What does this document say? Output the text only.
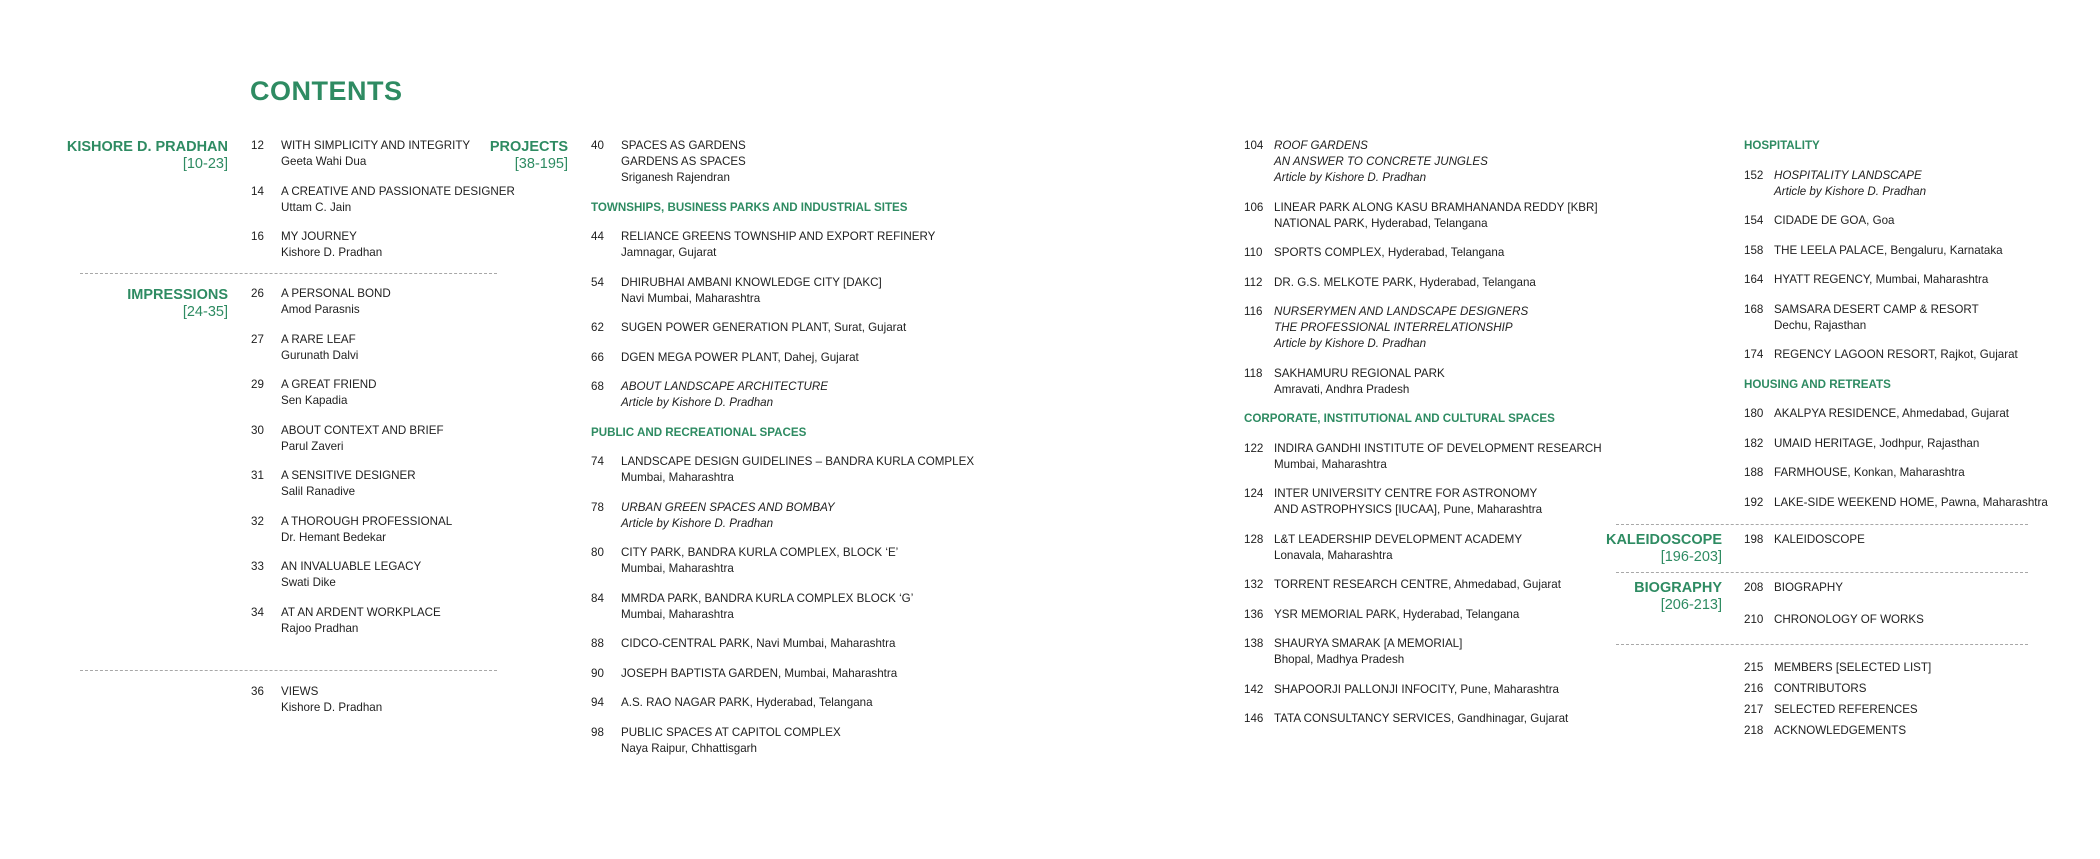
CONTENTS
KISHORE D. PRADHAN
[10-23]
IMPRESSIONS
[24-35]
PROJECTS
[38-195]
KALEIDOSCOPE
[196-203]
BIOGRAPHY
[206-213]
12 WITH SIMPLICITY AND INTEGRITY
Geeta Wahi Dua
14 A CREATIVE AND PASSIONATE DESIGNER
Uttam C. Jain
16 MY JOURNEY
Kishore D. Pradhan
26 A PERSONAL BOND
Amod Parasnis
27 A RARE LEAF
Gurunath Dalvi
29 A GREAT FRIEND
Sen Kapadia
30 ABOUT CONTEXT AND BRIEF
Parul Zaveri
31 A SENSITIVE DESIGNER
Salil Ranadive
32 A THOROUGH PROFESSIONAL
Dr. Hemant Bedekar
33 AN INVALUABLE LEGACY
Swati Dike
34 AT AN ARDENT WORKPLACE
Rajoo Pradhan
36 VIEWS
Kishore D. Pradhan
40 SPACES AS GARDENS
GARDENS AS SPACES
Sriganesh Rajendran
TOWNSHIPS, BUSINESS PARKS AND INDUSTRIAL SITES
44 RELIANCE GREENS TOWNSHIP AND EXPORT REFINERY
Jamnagar, Gujarat
54 DHIRUBHAI AMBANI KNOWLEDGE CITY [DAKC]
Navi Mumbai, Maharashtra
62 SUGEN POWER GENERATION PLANT, Surat, Gujarat
66 DGEN MEGA POWER PLANT, Dahej, Gujarat
68 ABOUT LANDSCAPE ARCHITECTURE
Article by Kishore D. Pradhan
PUBLIC AND RECREATIONAL SPACES
74 LANDSCAPE DESIGN GUIDELINES – BANDRA KURLA COMPLEX
Mumbai, Maharashtra
78 URBAN GREEN SPACES AND BOMBAY
Article by Kishore D. Pradhan
80 CITY PARK, BANDRA KURLA COMPLEX, BLOCK ‘E’
Mumbai, Maharashtra
84 MMRDA PARK, BANDRA KURLA COMPLEX BLOCK ‘G’
Mumbai, Maharashtra
88 CIDCO-CENTRAL PARK, Navi Mumbai, Maharashtra
90 JOSEPH BAPTISTA GARDEN, Mumbai, Maharashtra
94 A.S. RAO NAGAR PARK, Hyderabad, Telangana
98 PUBLIC SPACES AT CAPITOL COMPLEX
Naya Raipur, Chhattisgarh
104 ROOF GARDENS
AN ANSWER TO CONCRETE JUNGLES
Article by Kishore D. Pradhan
106 LINEAR PARK ALONG KASU BRAMHANANDA REDDY [KBR]
NATIONAL PARK, Hyderabad, Telangana
110 SPORTS COMPLEX, Hyderabad, Telangana
112 DR. G.S. MELKOTE PARK, Hyderabad, Telangana
116 NURSERYMEN AND LANDSCAPE DESIGNERS
THE PROFESSIONAL INTERRELATIONSHIP
Article by Kishore D. Pradhan
118 SAKHAMURU REGIONAL PARK
Amravati, Andhra Pradesh
CORPORATE, INSTITUTIONAL AND CULTURAL SPACES
122 INDIRA GANDHI INSTITUTE OF DEVELOPMENT RESEARCH
Mumbai, Maharashtra
124 INTER UNIVERSITY CENTRE FOR ASTRONOMY
AND ASTROPHYSICS [IUCAA], Pune, Maharashtra
128 L&T LEADERSHIP DEVELOPMENT ACADEMY
Lonavala, Maharashtra
132 TORRENT RESEARCH CENTRE, Ahmedabad, Gujarat
136 YSR MEMORIAL PARK, Hyderabad, Telangana
138 SHAURYA SMARAK [A MEMORIAL]
Bhopal, Madhya Pradesh
142 SHAPOORJI PALLONJI INFOCITY, Pune, Maharashtra
146 TATA CONSULTANCY SERVICES, Gandhinagar, Gujarat
HOSPITALITY
152 HOSPITALITY LANDSCAPE
Article by Kishore D. Pradhan
154 CIDADE DE GOA, Goa
158 THE LEELA PALACE, Bengaluru, Karnataka
164 HYATT REGENCY, Mumbai, Maharashtra
168 SAMSARA DESERT CAMP & RESORT
Dechu, Rajasthan
174 REGENCY LAGOON RESORT, Rajkot, Gujarat
HOUSING AND RETREATS
180 AKALPYA RESIDENCE, Ahmedabad, Gujarat
182 UMAID HERITAGE, Jodhpur, Rajasthan
188 FARMHOUSE, Konkan, Maharashtra
192 LAKE-SIDE WEEKEND HOME, Pawna, Maharashtra
198 KALEIDOSCOPE
208 BIOGRAPHY
210 CHRONOLOGY OF WORKS
215 MEMBERS [SELECTED LIST]
216 CONTRIBUTORS
217 SELECTED REFERENCES
218 ACKNOWLEDGEMENTS
